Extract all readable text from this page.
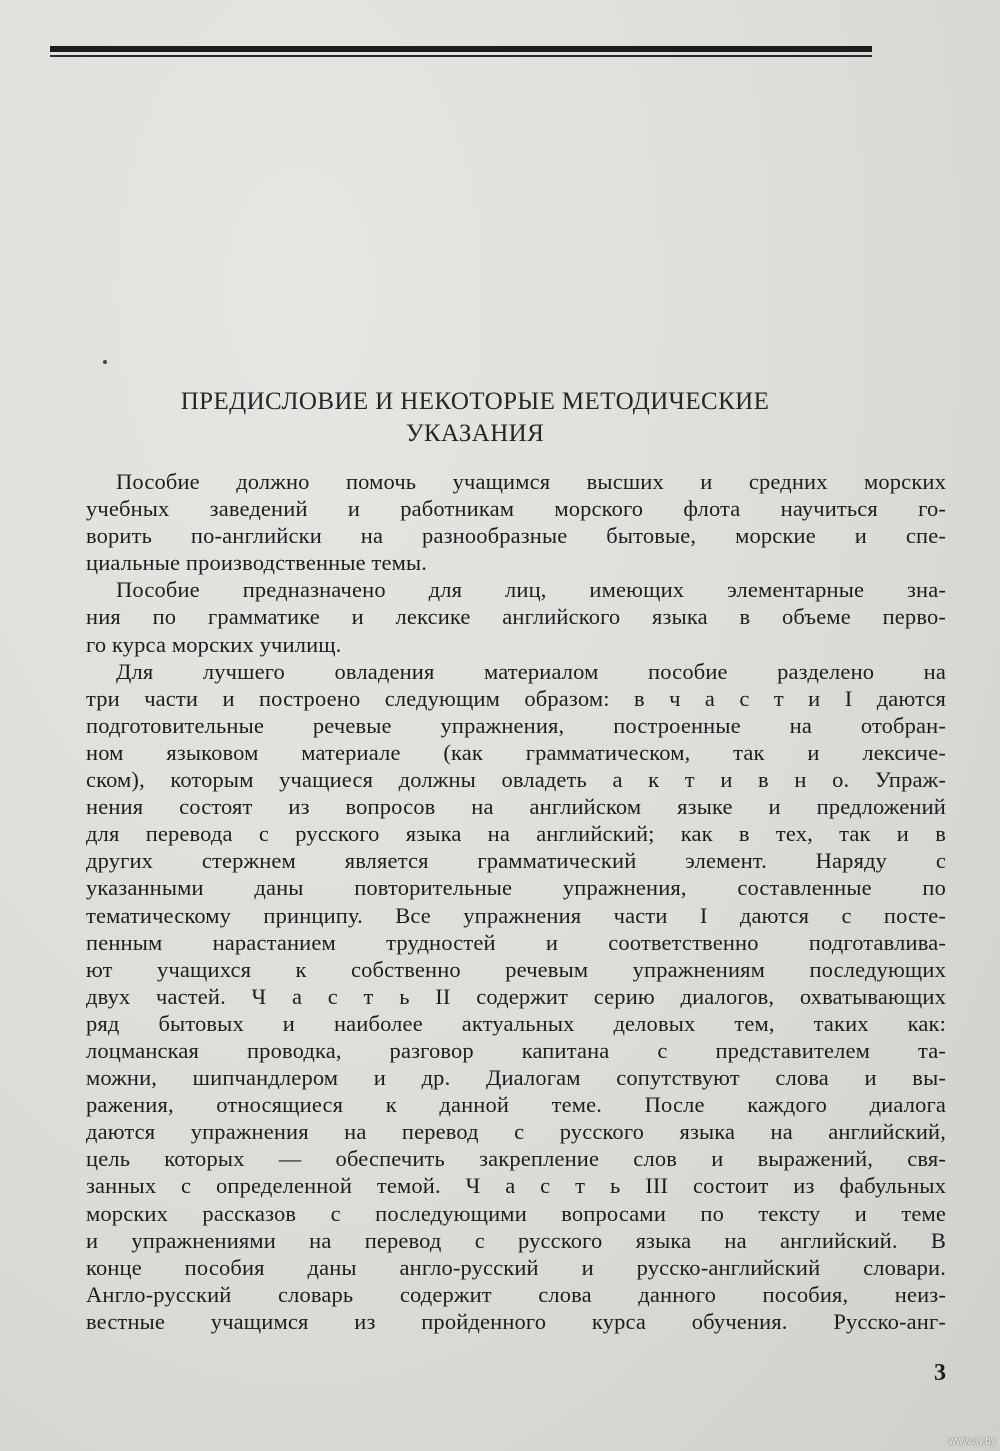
ПРЕДИСЛОВИЕ И НЕКОТОРЫЕ МЕТОДИЧЕСКИЕ
УКАЗАНИЯ
Пособие должно помочь учащимся высших и средних морских
учебных заведений и работникам морского флота научиться го-
ворить по-английски на разнообразные бытовые, морские и спе-
циальные производственные темы.
Пособие предназначено для лиц, имеющих элементарные зна-
ния по грамматике и лексике английского языка в объеме перво-
го курса морских училищ.
Для лучшего овладения материалом пособие разделено на
три части и построено следующим образом: в ч а с т и I даются
подготовительные речевые упражнения, построенные на отобран-
ном языковом материале (как грамматическом, так и лексиче-
ском), которым учащиеся должны овладеть а к т и в н о. Упраж-
нения состоят из вопросов на английском языке и предложений
для перевода с русского языка на английский; как в тех, так и в
других стержнем является грамматический элемент. Наряду с
указанными даны повторительные упражнения, составленные по
тематическому принципу. Все упражнения части I даются с посте-
пенным нарастанием трудностей и соответственно подготавлива-
ют учащихся к собственно речевым упражнениям последующих
двух частей. Ч а с т ь II содержит серию диалогов, охватывающих
ряд бытовых и наиболее актуальных деловых тем, таких как:
лоцманская проводка, разговор капитана с представителем та-
можни, шипчандлером и др. Диалогам сопутствуют слова и вы-
ражения, относящиеся к данной теме. После каждого диалога
даются упражнения на перевод с русского языка на английский,
цель которых — обеспечить закрепление слов и выражений, свя-
занных с определенной темой. Ч а с т ь III состоит из фабульных
морских рассказов с последующими вопросами по тексту и теме
и упражнениями на перевод с русского языка на английский. В
конце пособия даны англо-русский и русско-английский словари.
Англо-русский словарь содержит слова данного пособия, неиз-
вестные учащимся из пройденного курса обучения. Русско-анг-
3
www.ay.by
